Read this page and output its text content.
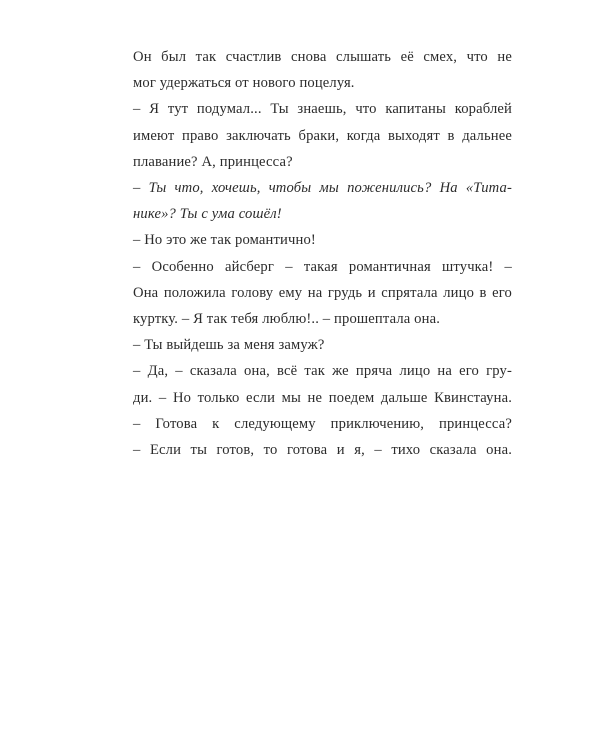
Он был так счастлив снова слышать её смех, что не
мог удержаться от нового поцелуя.

– Я тут подумал... Ты знаешь, что капитаны кораблей
имеют право заключать браки, когда выходят в дальнее
плавание? А, принцесса?

– Ты что, хочешь, чтобы мы поженились? На «Тита-
нике»? Ты с ума сошёл!

– Но это же так романтично!

– Особенно айсберг – такая романтичная штучка! –
Она положила голову ему на грудь и спрятала лицо в его
куртку. – Я так тебя люблю!.. – прошептала она.

– Ты выйдешь за меня замуж?

– Да, – сказала она, всё так же пряча лицо на его гру-
ди. – Но только если мы не поедем дальше Квинстауна.

– Готова к следующему приключению, принцесса?

– Если ты готов, то готова и я, – тихо сказала она.
